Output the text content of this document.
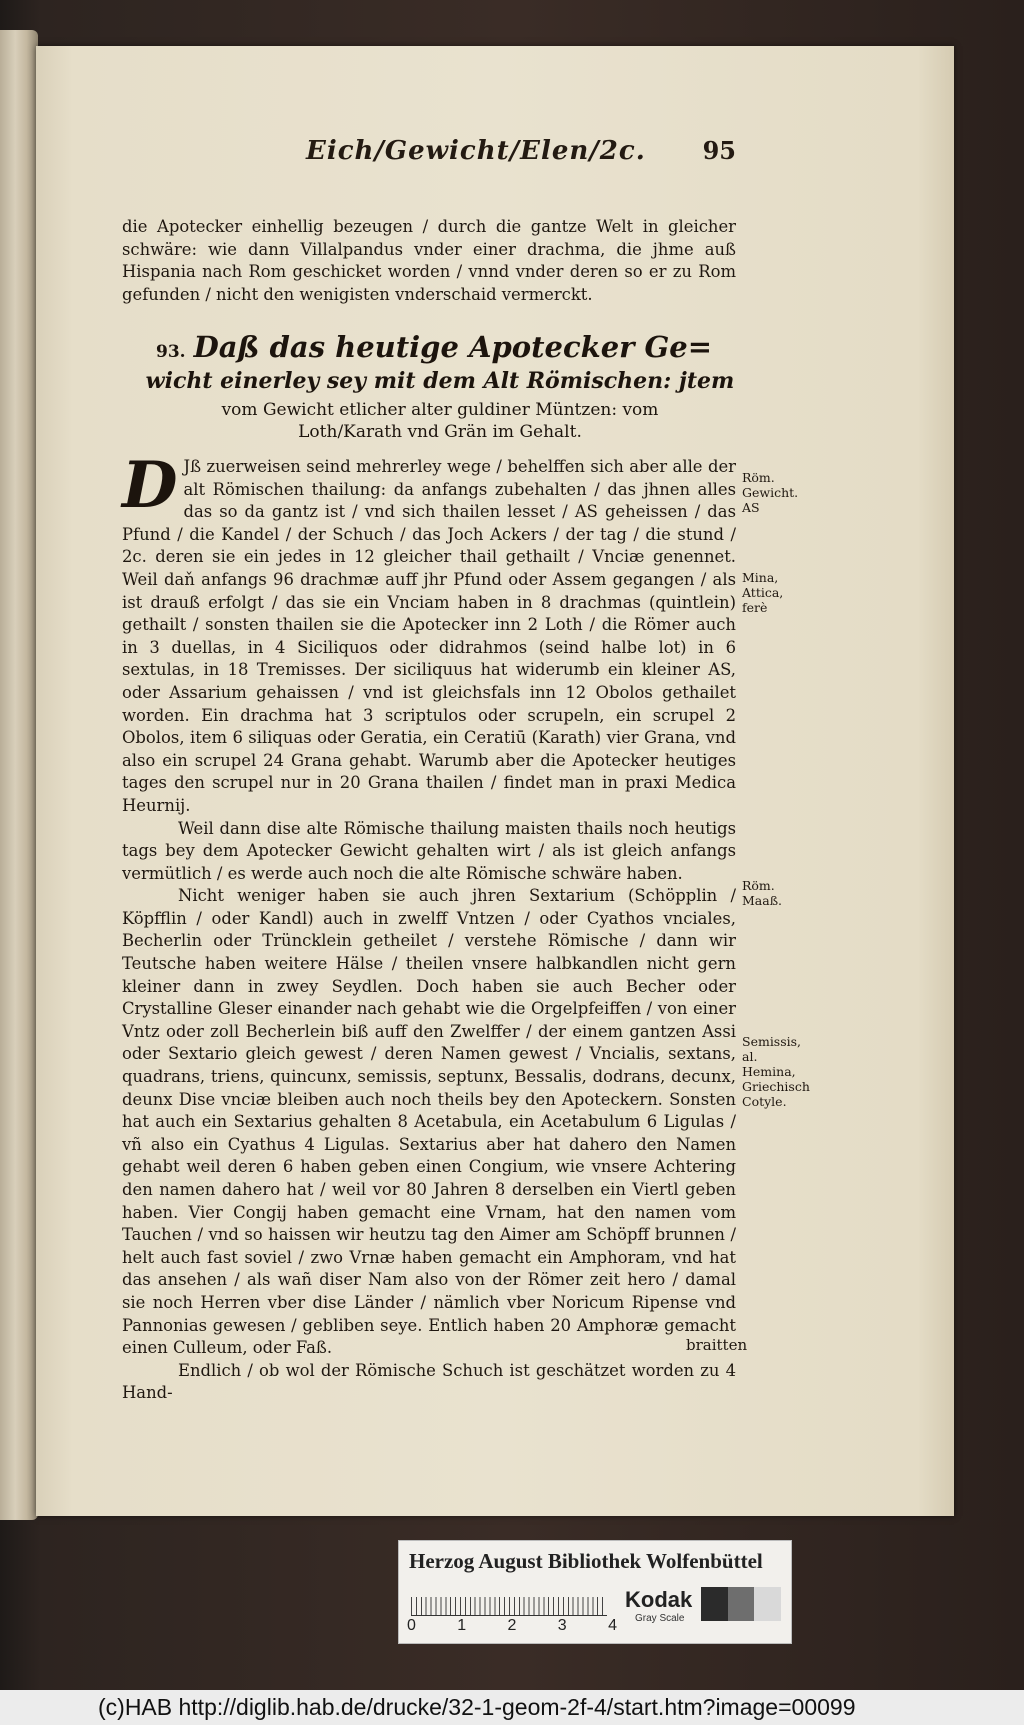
Eich/Gewicht/Elen/2c. 95

die Apotecker einhellig bezeugen / durch die gantze Welt in gleicher schwäre: wie dann Villalpandus vnder einer drachma, die jhme auß Hispania nach Rom geschicket worden / vnnd vnder deren so er zu Rom gefunden / nicht den wenigisten vnderschaid vermerckt.

93. Daß das heutige Apotecker Ge=
wicht einerley sey mit dem Alt Römischen: jtem
vom Gewicht etlicher alter guldiner Müntzen: vom
Loth/Karath vnd Grän im Gehalt.

D Jß zuerweisen seind mehrerley wege / behelffen sich aber alle der alt Römischen thailung: da anfangs zubehalten / das jhnen alles das so da gantz ist / vnd sich thailen lesset / AS geheissen / das Pfund / die Kandel / der Schuch / das Joch Ackers / der tag / die stund / 2c. deren sie ein jedes in 12 gleicher thail gethailt / Vnciæ genennet. Weil daň anfangs 96 drachmæ auff jhr Pfund oder Assem gegangen / als ist drauß erfolgt / das sie ein Vnciam haben in 8 drachmas (quintlein) gethailt / sonsten thailen sie die Apotecker inn 2 Loth / die Römer auch in 3 duellas, in 4 Siciliquos oder didrahmos (seind halbe lot) in 6 sextulas, in 18 Tremisses. Der siciliquus hat widerumb ein kleiner AS, oder Assarium gehaissen / vnd ist gleichsfals inn 12 Obolos gethailet worden. Ein drachma hat 3 scriptulos oder scrupeln, ein scrupel 2 Obolos, item 6 siliquas oder Geratia, ein Ceratiū (Karath) vier Grana, vnd also ein scrupel 24 Grana gehabt. Warumb aber die Apotecker heutiges tages den scrupel nur in 20 Grana thailen / findet man in praxi Medica Heurnij.

Weil dann dise alte Römische thailung maisten thails noch heutigs tags bey dem Apotecker Gewicht gehalten wirt / als ist gleich anfangs vermütlich / es werde auch noch die alte Römische schwäre haben.

Nicht weniger haben sie auch jhren Sextarium (Schöpplin / Köpfflin / oder Kandl) auch in zwelff Vntzen / oder Cyathos vnciales, Becherlin oder Trüncklein getheilet / verstehe Römische / dann wir Teutsche haben weitere Hälse / theilen vnsere halbkandlen nicht gern kleiner dann in zwey Seydlen. Doch haben sie auch Becher oder Crystalline Gleser einander nach gehabt wie die Orgelpfeiffen / von einer Vntz oder zoll Becherlein biß auff den Zwelffer / der einem gantzen Assi oder Sextario gleich gewest / deren Namen gewest / Vncialis, sextans, quadrans, triens, quincunx, semissis, septunx, Bessalis, dodrans, decunx, deunx Dise vnciæ bleiben auch noch theils bey den Apoteckern. Sonsten hat auch ein Sextarius gehalten 8 Acetabula, ein Acetabulum 6 Ligulas / vñ also ein Cyathus 4 Ligulas. Sextarius aber hat dahero den Namen gehabt weil deren 6 haben geben einen Congium, wie vnsere Achtering den namen dahero hat / weil vor 80 Jahren 8 derselben ein Viertl geben haben. Vier Congij haben gemacht eine Vrnam, hat den namen vom Tauchen / vnd so haissen wir heutzu tag den Aimer am Schöpff brunnen / helt auch fast soviel / zwo Vrnæ haben gemacht ein Amphoram, vnd hat das ansehen / als wañ diser Nam also von der Römer zeit hero / damal sie noch Herren vber dise Länder / nämlich vber Noricum Ripense vnd Pannonias gewesen / gebliben seye. Entlich haben 20 Amphoræ gemacht einen Culleum, oder Faß.

Endlich / ob wol der Römische Schuch ist geschätzet worden zu 4 Hand-

Röm. Gewicht. AS
Mina, Attica, ferè
Röm. Maaß.
Semissis, al. Hemina, Griechisch Cotyle.
braitten
Herzog August Bibliothek Wolfenbüttel
0	1	2	3	4
Kodak
Gray Scale
(c)HAB http://diglib.hab.de/drucke/32-1-geom-2f-4/start.htm?image=00099
